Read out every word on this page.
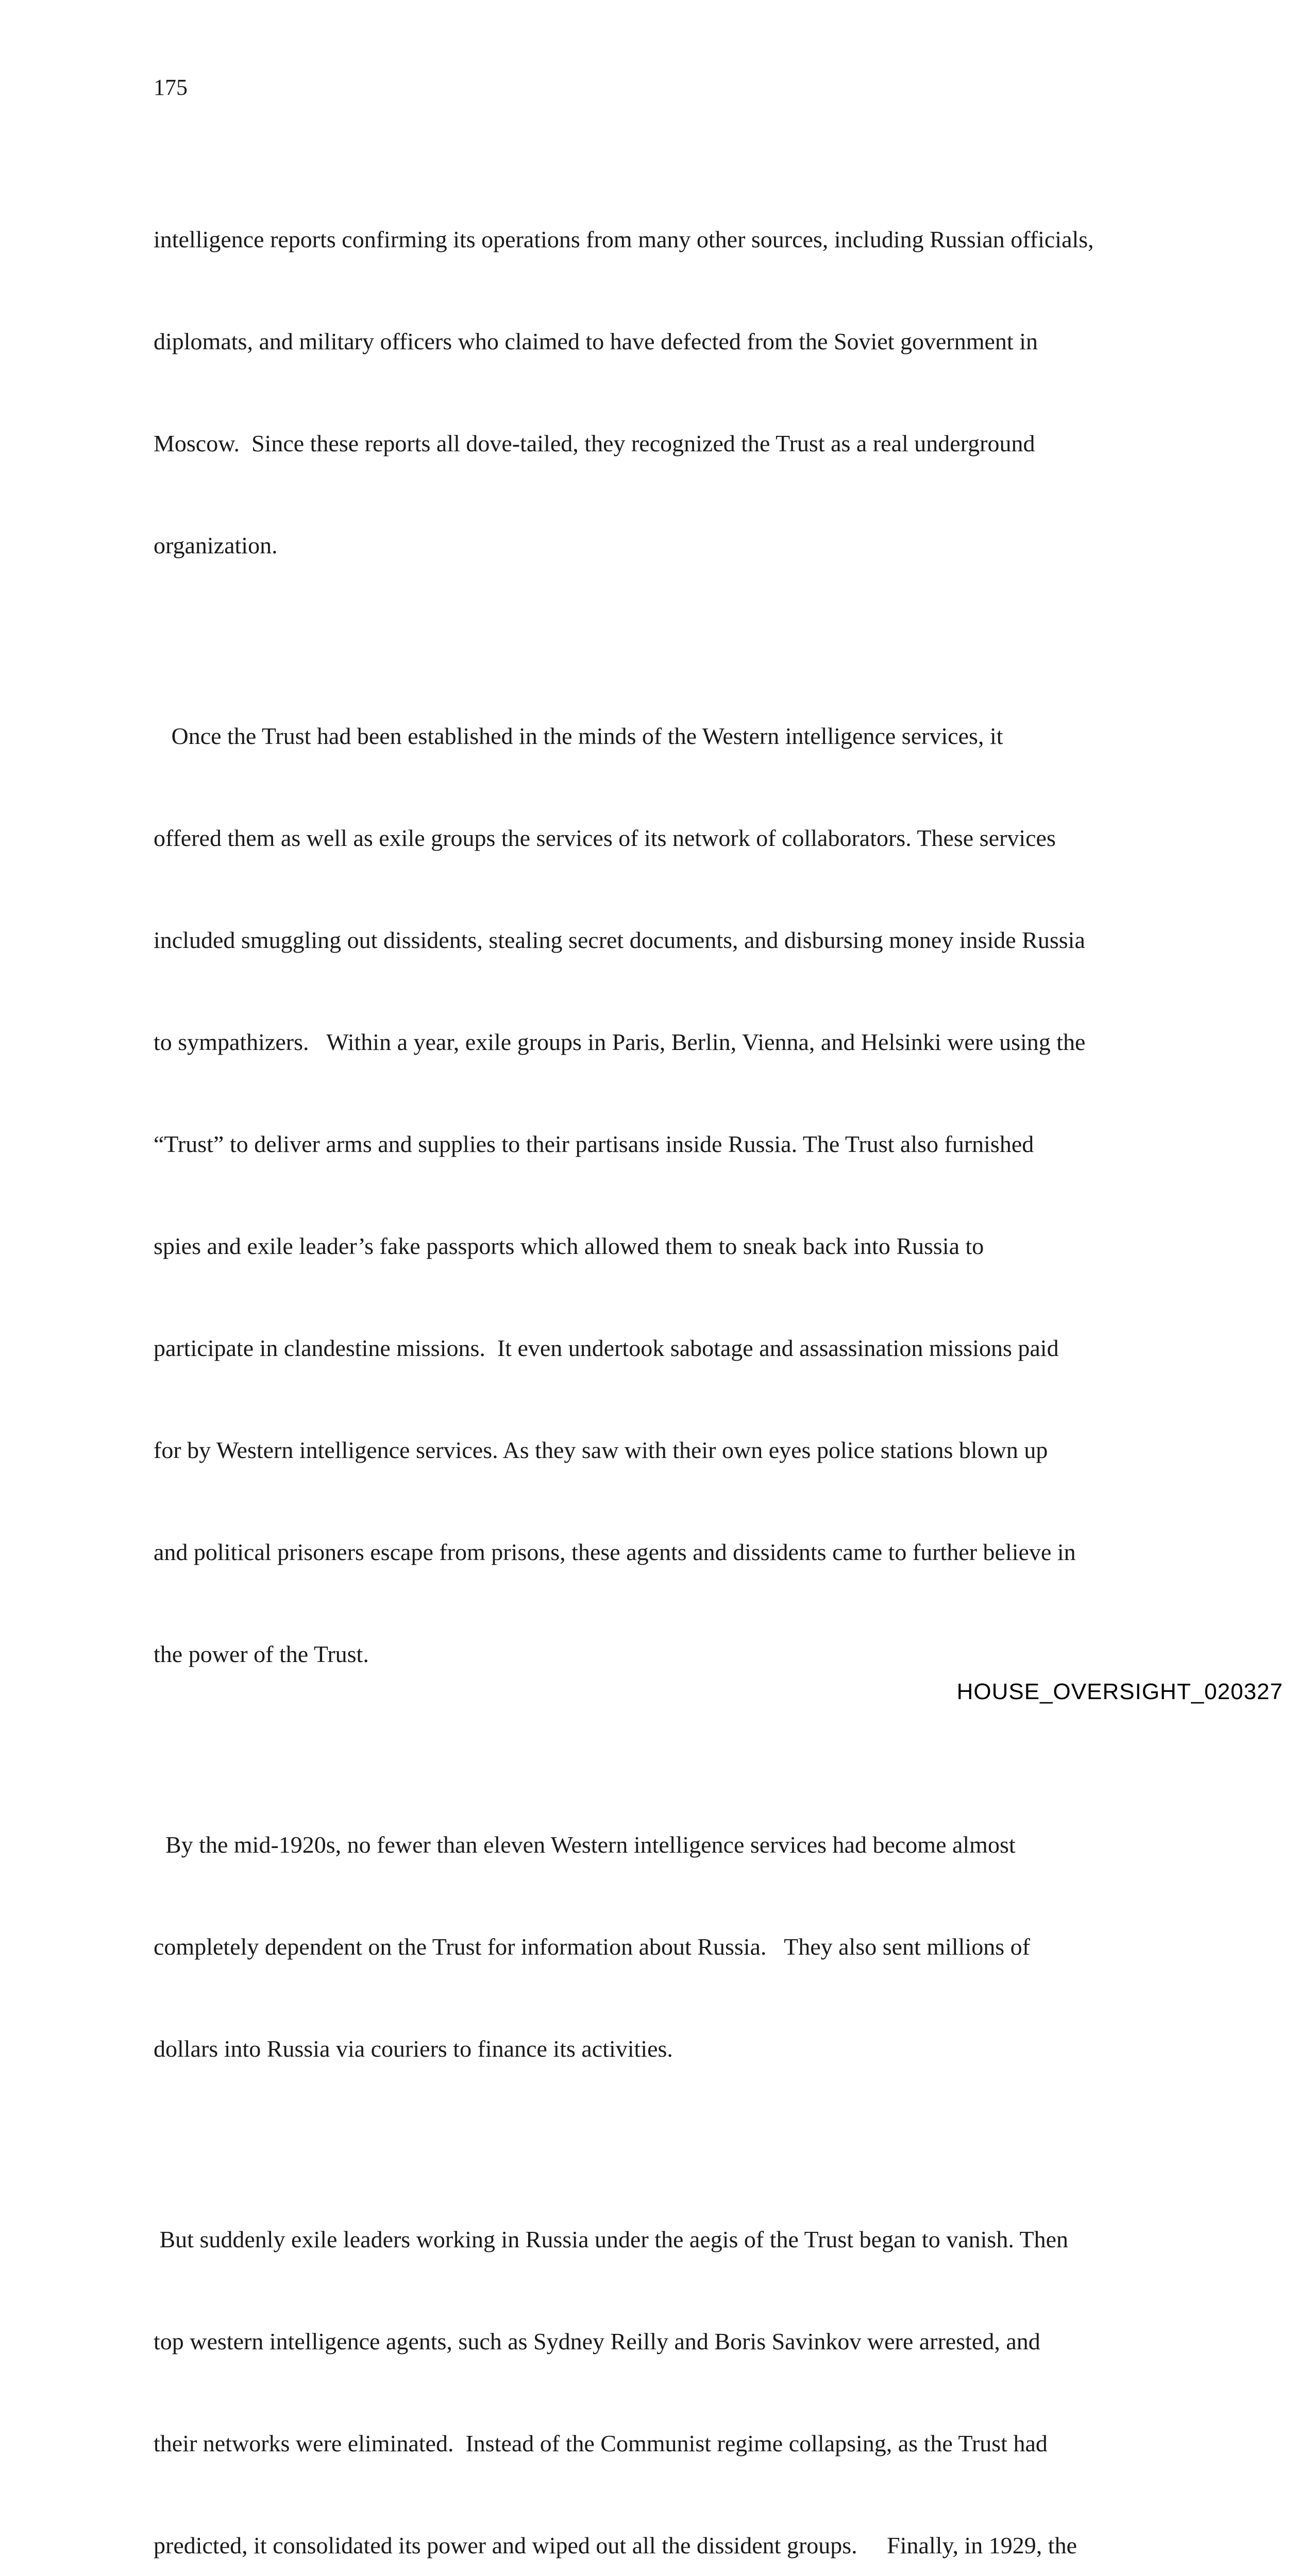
175

intelligence reports confirming its operations from many other sources, including Russian officials,

diplomats, and military officers who claimed to have defected from the Soviet government in

Moscow.  Since these reports all dove-tailed, they recognized the Trust as a real underground

organization.

Once the Trust had been established in the minds of the Western intelligence services, it

offered them as well as exile groups the services of its network of collaborators. These services

included smuggling out dissidents, stealing secret documents, and disbursing money inside Russia

to sympathizers.   Within a year, exile groups in Paris, Berlin, Vienna, and Helsinki were using the

“Trust” to deliver arms and supplies to their partisans inside Russia. The Trust also furnished

spies and exile leader’s fake passports which allowed them to sneak back into Russia to

participate in clandestine missions.  It even undertook sabotage and assassination missions paid

for by Western intelligence services. As they saw with their own eyes police stations blown up

and political prisoners escape from prisons, these agents and dissidents came to further believe in

the power of the Trust.

By the mid-1920s, no fewer than eleven Western intelligence services had become almost

completely dependent on the Trust for information about Russia.   They also sent millions of

dollars into Russia via couriers to finance its activities.

But suddenly exile leaders working in Russia under the aegis of the Trust began to vanish. Then

top western intelligence agents, such as Sydney Reilly and Boris Savinkov were arrested, and

their networks were eliminated.  Instead of the Communist regime collapsing, as the Trust had

predicted, it consolidated its power and wiped out all the dissident groups.     Finally, in 1929, the

HOUSE_OVERSIGHT_020327
